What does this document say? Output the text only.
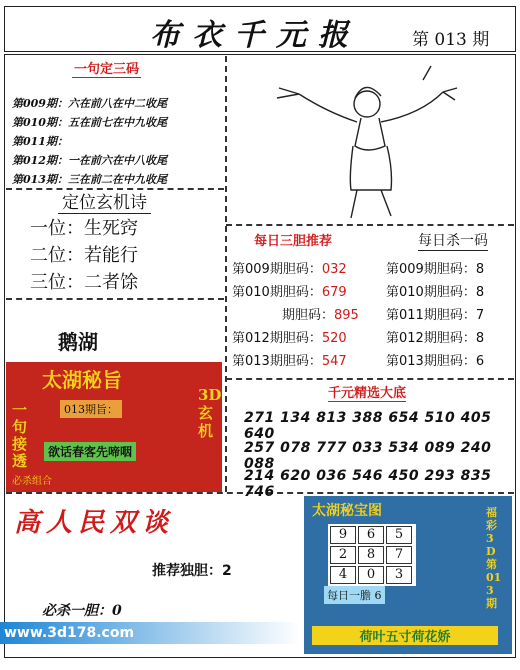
布衣千元报	第 013 期
一句定三码
第009期：六在前八在中二收尾
第010期：五在前七在中九收尾
第011期：
第012期：一在前六在中八收尾
第013期：三在前二在中九收尾
定位玄机诗
一位：生死窍
二位：若能行
三位：二者馀
每日三胆推荐
第009期胆码：032
第010期胆码：679
期胆码：895
第012期胆码：520
第013期胆码：547
每日杀一码
第009期胆码：8
第010期胆码：8
第011期胆码：7
第012期胆码：8
第013期胆码：6
千元精选大底
271 134 813 388 654 510 405 640
257 078 777 033 534 089 240 088
214 620 036 546 450 293 835 746
鹅湖
太湖秘旨
013期旨：
一句接透
3D玄机
欲话春客先啼咽
必杀组合
高人民双谈
推荐独胆：2
必杀一胆：0
太湖秘宝图
9	6	5
2	8	7
4	0	3
福彩3D第013期
每日一膽 6
荷叶五寸荷花娇
www.3d178.com
